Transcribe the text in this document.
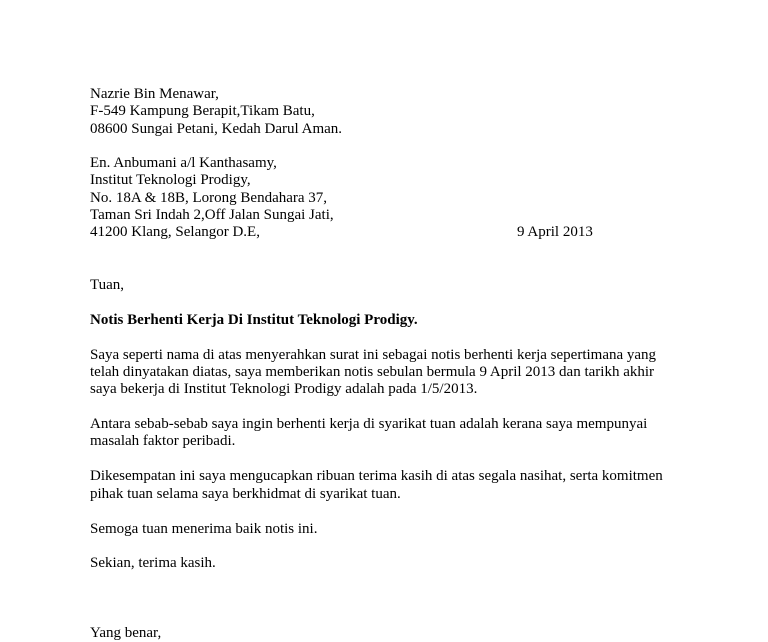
Nazrie Bin Menawar,
F-549 Kampung Berapit,Tikam Batu,
08600 Sungai Petani, Kedah Darul Aman.
En. Anbumani a/l Kanthasamy,
Institut Teknologi Prodigy,
No. 18A & 18B, Lorong Bendahara 37,
Taman Sri Indah 2,Off Jalan Sungai Jati,
41200 Klang, Selangor D.E,	9 April 2013
Tuan,
Notis Berhenti Kerja Di Institut Teknologi Prodigy.
Saya seperti nama di atas menyerahkan surat ini sebagai notis berhenti kerja sepertimana yang
telah dinyatakan diatas, saya memberikan notis sebulan bermula 9 April 2013 dan tarikh akhir
saya bekerja di Institut Teknologi Prodigy adalah pada 1/5/2013.
Antara sebab-sebab saya ingin berhenti kerja di syarikat tuan adalah kerana saya mempunyai
masalah faktor peribadi.
Dikesempatan ini saya mengucapkan ribuan terima kasih di atas segala nasihat, serta komitmen
pihak tuan selama saya berkhidmat di syarikat tuan.
Semoga tuan menerima baik notis ini.
Sekian, terima kasih.
Yang benar,
